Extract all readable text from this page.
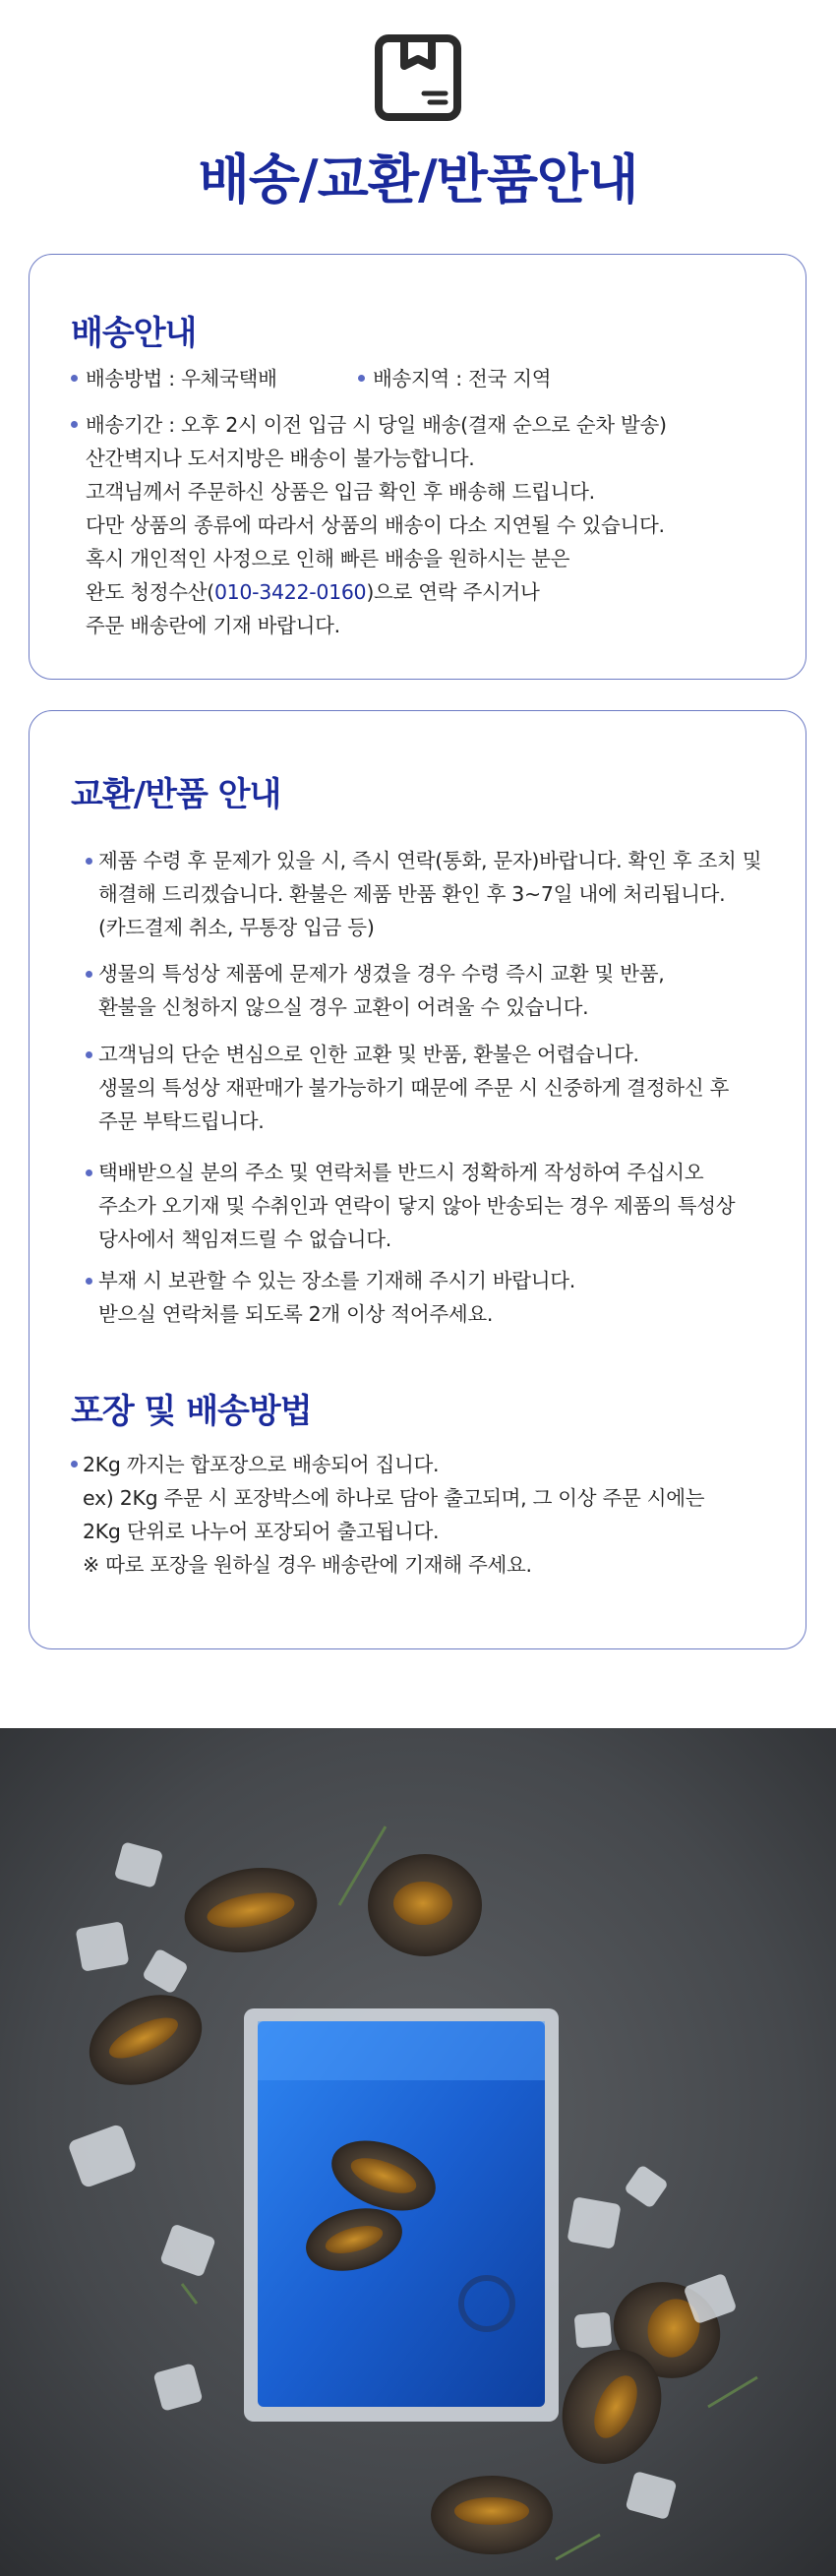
배송/교환/반품안내
배송안내
배송방법 : 우체국택배	배송지역 : 전국 지역
배송기간 : 오후 2시 이전 입금 시 당일 배송(결재 순으로 순차 발송)
산간벽지나 도서지방은 배송이 불가능합니다.
고객님께서 주문하신 상품은 입금 확인 후 배송해 드립니다.
다만 상품의 종류에 따라서 상품의 배송이 다소 지연될 수 있습니다.
혹시 개인적인 사정으로 인해 빠른 배송을 원하시는 분은
완도 청정수산(010-3422-0160)으로 연락 주시거나
주문 배송란에 기재 바랍니다.
교환/반품 안내
제품 수령 후 문제가 있을 시, 즉시 연락(통화, 문자)바랍니다. 확인 후 조치 및
해결해 드리겠습니다. 환불은 제품 반품 환인 후 3~7일 내에 처리됩니다.
(카드결제 취소, 무통장 입금 등)
생물의 특성상 제품에 문제가 생겼을 경우 수령 즉시 교환 및 반품,
환불을 신청하지 않으실 경우 교환이 어려울 수 있습니다.
고객님의 단순 변심으로 인한 교환 및 반품, 환불은 어렵습니다.
생물의 특성상 재판매가 불가능하기 때문에 주문 시 신중하게 결정하신 후
주문 부탁드립니다.
택배받으실 분의 주소 및 연락처를 반드시 정확하게 작성하여 주십시오
주소가 오기재 및 수취인과 연락이 닿지 않아 반송되는 경우 제품의 특성상
당사에서 책임져드릴 수 없습니다.
부재 시 보관할 수 있는 장소를 기재해 주시기 바랍니다.
받으실 연락처를 되도록 2개 이상 적어주세요.
포장 및 배송방법
2Kg 까지는 합포장으로 배송되어 집니다.
ex) 2Kg 주문 시 포장박스에 하나로 담아 출고되며, 그 이상 주문 시에는
2Kg 단위로 나누어 포장되어 출고됩니다.
※ 따로 포장을 원하실 경우 배송란에 기재해 주세요.
